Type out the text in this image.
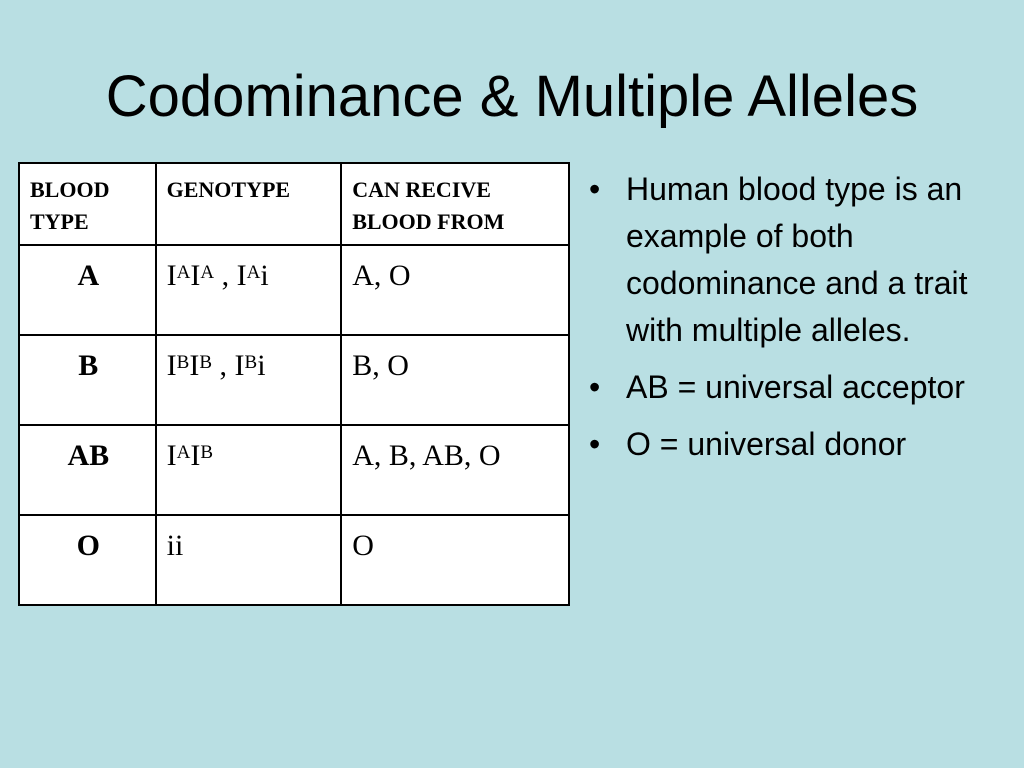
Codominance & Multiple Alleles
BLOOD TYPE	GENOTYPE	CAN RECIVE BLOOD FROM
A	$I^AI^A$ , $I^Ai$	A, O
B	$I^BI^B$ , $I^Bi$	B, O
AB	$I^AI^B$	A, B, AB, O
O	ii	O
• Human blood type is an example of both codominance and a trait with multiple alleles.
• AB = universal acceptor
• O = universal donor
